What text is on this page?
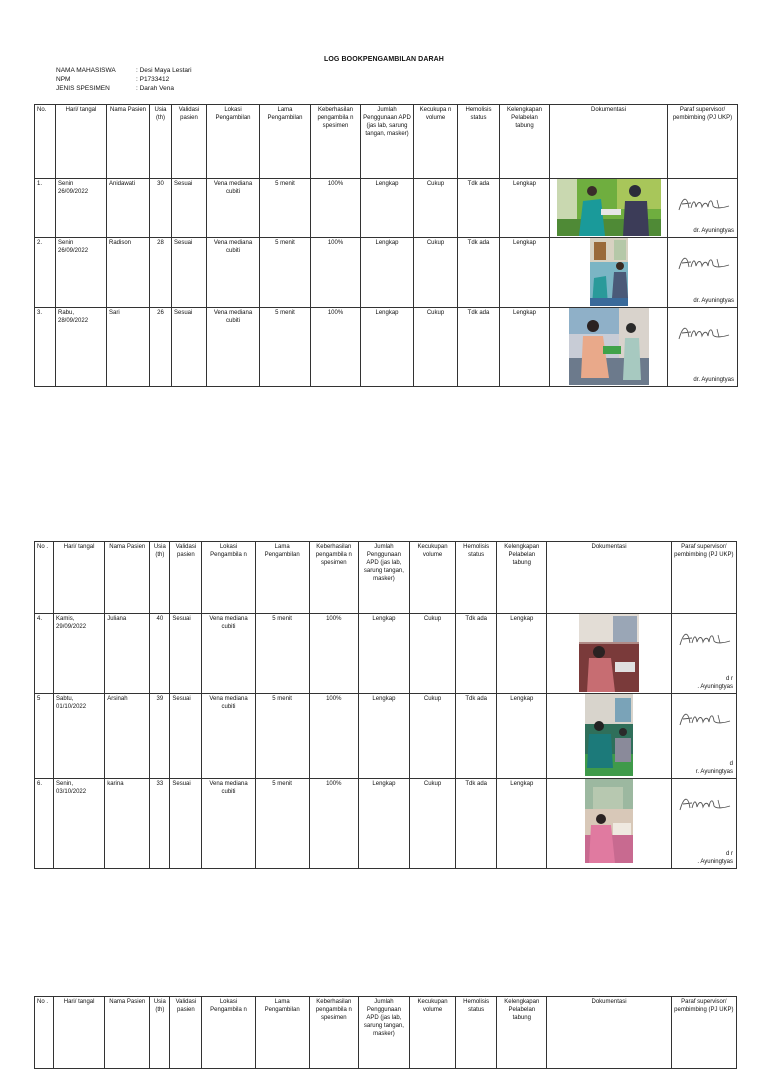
LOG BOOKPENGAMBILAN DARAH
NAMA MAHASISWA	: Desi Maya Lestari
NPM	: P1733412
JENIS SPESIMEN	: Darah Vena
No.	Hari/ tangal	Nama Pasien	Usia (th)	Validasi pasien	Lokasi Pengambilan	Lama Pengambilan	Keberhasilan pengambila n spesimen	Jumlah Penggunaan APD (jas lab, sarung tangan, masker)	Kecukupa n volume	Hemolisis status	Kelengkapan Pelabelan tabung	Dokumentasi	Paraf supervisor/ pembimbing (PJ UKP)
1.	Senin 26/09/2022	Anidawati	30	Sesuai	Vena mediana cubiti	5 menit	100%	Lengkap	Cukup	Tdk ada	Lengkap		dr. Ayuningtyas

2.	Senin 26/09/2022	Radison	28	Sesuai	Vena mediana cubiti	5 menit	100%	Lengkap	Cukup	Tdk ada	Lengkap		dr. Ayuningtyas

3.	Rabu, 28/09/2022	Sari	26	Sesuai	Vena mediana cubiti	5 menit	100%	Lengkap	Cukup	Tdk ada	Lengkap		dr. Ayuningtyas
No .	Hari/ tangal	Nama Pasien	Usia (th)	Validasi pasien	Lokasi Pengambila n	Lama Pengambilan	Keberhasilan pengambila n spesimen	Jumlah Penggunaan APD (jas lab, sarung tangan, masker)	Kecukupan volume	Hemolisis status	Kelengkapan Pelabelan tabung	Dokumentasi	Paraf supervisor/ pembimbing (PJ UKP)
4.	Kamis, 29/09/2022	Juliana	40	Sesuai	Vena mediana cubiti	5 menit	100%	Lengkap	Cukup	Tdk ada	Lengkap		d r
. Ayuningtyas

5	Sabtu, 01/10/2022	Arsinah	39	Sesuai	Vena mediana cubiti	5 menit	100%	Lengkap	Cukup	Tdk ada	Lengkap		d
r. Ayuningtyas

6.	Senin, 03/10/2022	karina	33	Sesuai	Vena mediana cubiti	5 menit	100%	Lengkap	Cukup	Tdk ada	Lengkap		d r
. Ayuningtyas
No .	Hari/ tangal	Nama Pasien	Usia (th)	Validasi pasien	Lokasi Pengambila n	Lama Pengambilan	Keberhasilan pengambila n spesimen	Jumlah Penggunaan APD (jas lab, sarung tangan, masker)	Kecukupan volume	Hemolisis status	Kelengkapan Pelabelan tabung	Dokumentasi	Paraf supervisor/ pembimbing (PJ UKP)
